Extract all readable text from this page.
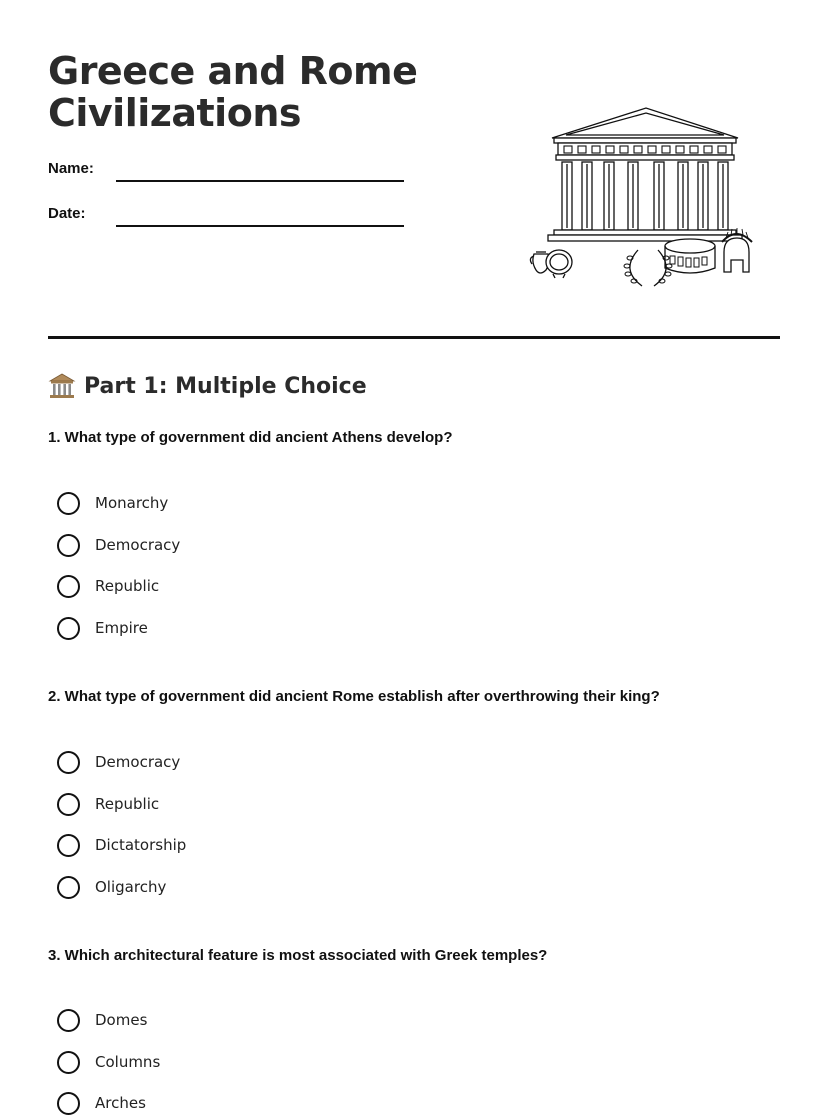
Greece and Rome Civilizations
Name:
Date:
Part 1: Multiple Choice
1. What type of government did ancient Athens develop?
Monarchy
Democracy
Republic
Empire
2. What type of government did ancient Rome establish after overthrowing their king?
Democracy
Republic
Dictatorship
Oligarchy
3. Which architectural feature is most associated with Greek temples?
Domes
Columns
Arches
